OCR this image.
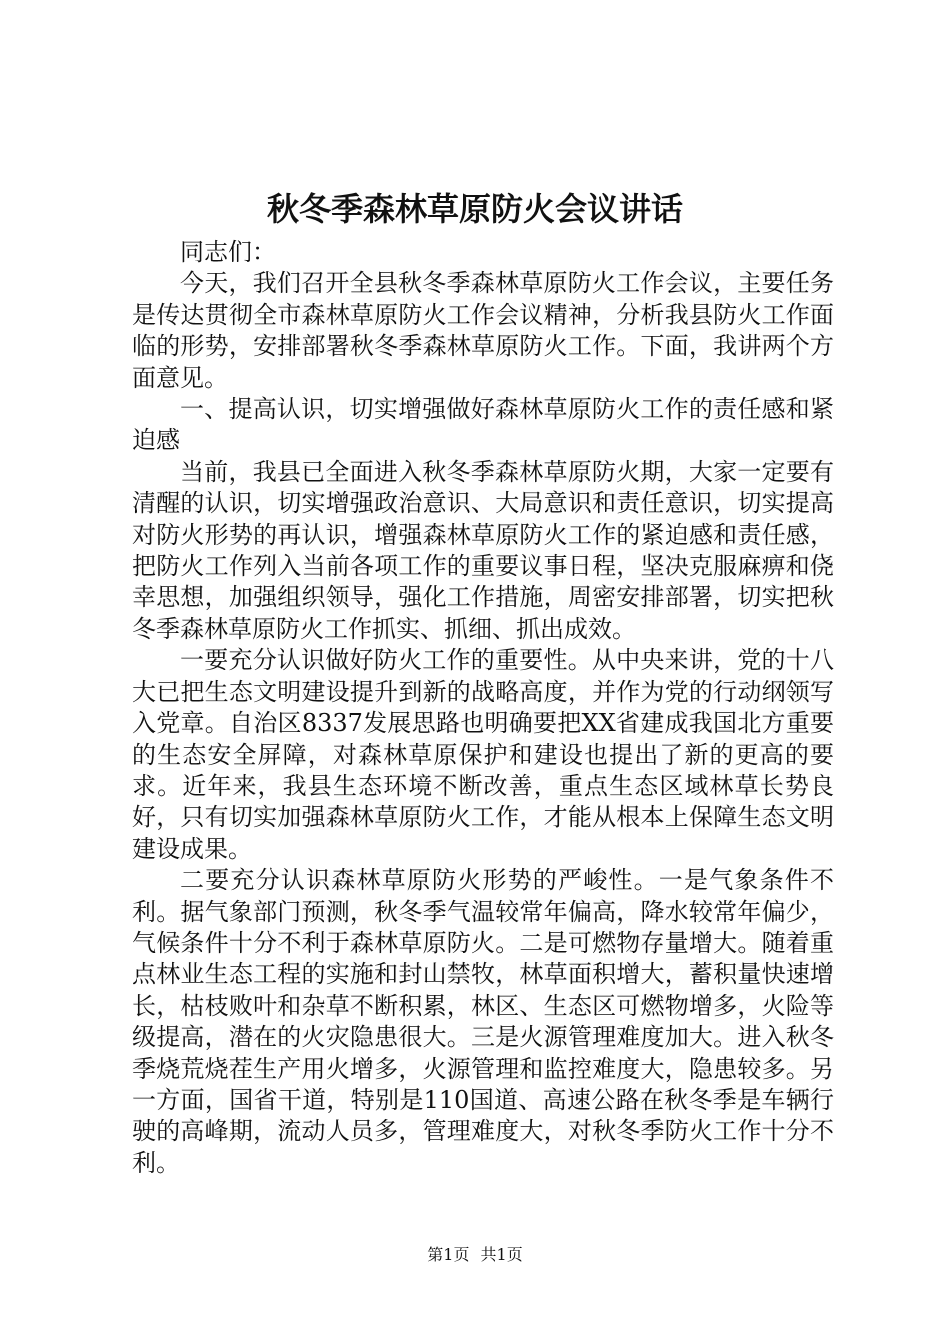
秋冬季森林草原防火会议讲话

同志们：

今天，我们召开全县秋冬季森林草原防火工作会议，主要任务是传达贯彻全市森林草原防火工作会议精神，分析我县防火工作面临的形势，安排部署秋冬季森林草原防火工作。下面，我讲两个方面意见。

一、提高认识，切实增强做好森林草原防火工作的责任感和紧迫感

当前，我县已全面进入秋冬季森林草原防火期，大家一定要有清醒的认识，切实增强政治意识、大局意识和责任意识，切实提高对防火形势的再认识，增强森林草原防火工作的紧迫感和责任感，把防火工作列入当前各项工作的重要议事日程，坚决克服麻痹和侥幸思想，加强组织领导，强化工作措施，周密安排部署，切实把秋冬季森林草原防火工作抓实、抓细、抓出成效。

一要充分认识做好防火工作的重要性。从中央来讲，党的十八大已把生态文明建设提升到新的战略高度，并作为党的行动纲领写入党章。自治区8337发展思路也明确要把XX省建成我国北方重要的生态安全屏障，对森林草原保护和建设也提出了新的更高的要求。近年来，我县生态环境不断改善，重点生态区域林草长势良好，只有切实加强森林草原防火工作，才能从根本上保障生态文明建设成果。

二要充分认识森林草原防火形势的严峻性。一是气象条件不利。据气象部门预测，秋冬季气温较常年偏高，降水较常年偏少，气候条件十分不利于森林草原防火。二是可燃物存量增大。随着重点林业生态工程的实施和封山禁牧，林草面积增大，蓄积量快速增长，枯枝败叶和杂草不断积累，林区、生态区可燃物增多，火险等级提高，潜在的火灾隐患很大。三是火源管理难度加大。进入秋冬季烧荒烧茬生产用火增多，火源管理和监控难度大，隐患较多。另一方面，国省干道，特别是110国道、高速公路在秋冬季是车辆行驶的高峰期，流动人员多，管理难度大，对秋冬季防火工作十分不利。

第1页 共1页
